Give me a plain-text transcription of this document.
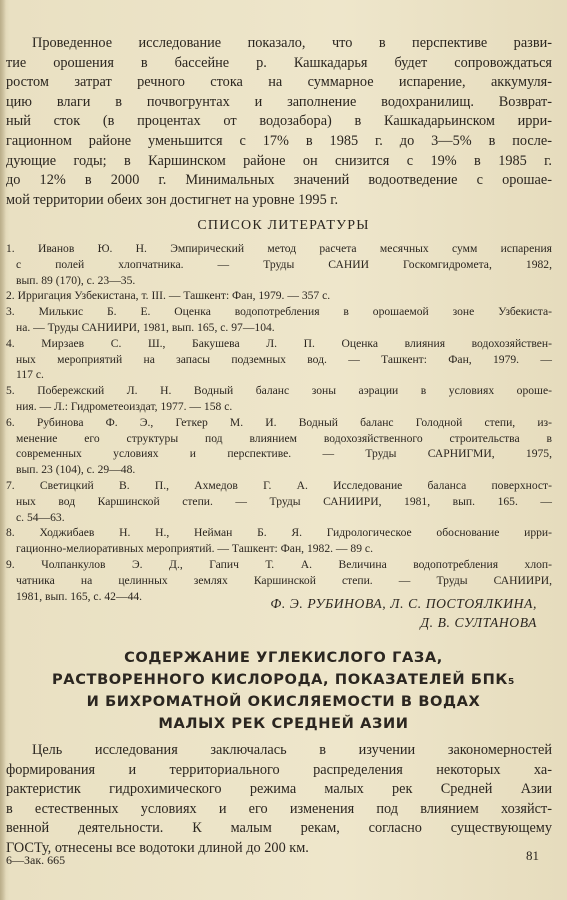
Проведенное исследование показало, что в перспективе разви-
тие орошения в бассейне р. Кашкадарья будет сопровождаться
ростом затрат речного стока на суммарное испарение, аккумуля-
цию влаги в почвогрунтах и заполнение водохранилищ. Возврат-
ный сток (в процентах от водозабора) в Кашкадарьинском ирри-
гационном районе уменьшится с 17% в 1985 г. до 3—5% в после-
дующие годы; в Каршинском районе он снизится с 19% в 1985 г.
до 12% в 2000 г. Минимальных значений водоотведение с орошае-
мой территории обеих зон достигнет на уровне 1995 г.
СПИСОК ЛИТЕРАТУРЫ
1. Иванов Ю. Н. Эмпирический метод расчета месячных сумм испарения
с полей хлопчатника. — Труды САНИИ Госкомгидромета, 1982,
вып. 89 (170), с. 23—35.
2. Ирригация Узбекистана, т. III. — Ташкент: Фан, 1979. — 357 с.
3. Милькис Б. Е. Оценка водопотребления в орошаемой зоне Узбекиста-
на. — Труды САНИИРИ, 1981, вып. 165, с. 97—104.
4. Мирзаев С. Ш., Бакушева Л. П. Оценка влияния водохозяйствен-
ных мероприятий на запасы подземных вод. — Ташкент: Фан, 1979. —
117 с.
5. Побережский Л. Н. Водный баланс зоны аэрации в условиях ороше-
ния. — Л.: Гидрометеоиздат, 1977. — 158 с.
6. Рубинова Ф. Э., Геткер М. И. Водный баланс Голодной степи, из-
менение его структуры под влиянием водохозяйственного строительства в
современных условиях и перспективе. — Труды САРНИГМИ, 1975,
вып. 23 (104), с. 29—48.
7. Светицкий В. П., Ахмедов Г. А. Исследование баланса поверхност-
ных вод Каршинской степи. — Труды САНИИРИ, 1981, вып. 165. —
с. 54—63.
8. Ходжибаев Н. Н., Нейман Б. Я. Гидрологическое обоснование ирри-
гационно-мелиоративных мероприятий. — Ташкент: Фан, 1982. — 89 с.
9. Чолпанкулов Э. Д., Гапич Т. А. Величина водопотребления хлоп-
чатника на целинных землях Каршинской степи. — Труды САНИИРИ,
1981, вып. 165, с. 42—44.	Ф. Э. РУБИНОВА, Л. С. ПОСТОЯЛКИНА,
Д. В. СУЛТАНОВА
СОДЕРЖАНИЕ УГЛЕКИСЛОГО ГАЗА,
РАСТВОРЕННОГО КИСЛОРОДА, ПОКАЗАТЕЛЕЙ БПК₅
И БИХРОМАТНОЙ ОКИСЛЯЕМОСТИ В ВОДАХ
МАЛЫХ РЕК СРЕДНЕЙ АЗИИ
Цель исследования заключалась в изучении закономерностей
формирования и территориального распределения некоторых ха-
рактеристик гидрохимического режима малых рек Средней Азии
в естественных условиях и его изменения под влиянием хозяйст-
венной деятельности. К малым рекам, согласно существующему
ГОСТу, отнесены все водотоки длиной до 200 км.
6—Зак. 665	81
